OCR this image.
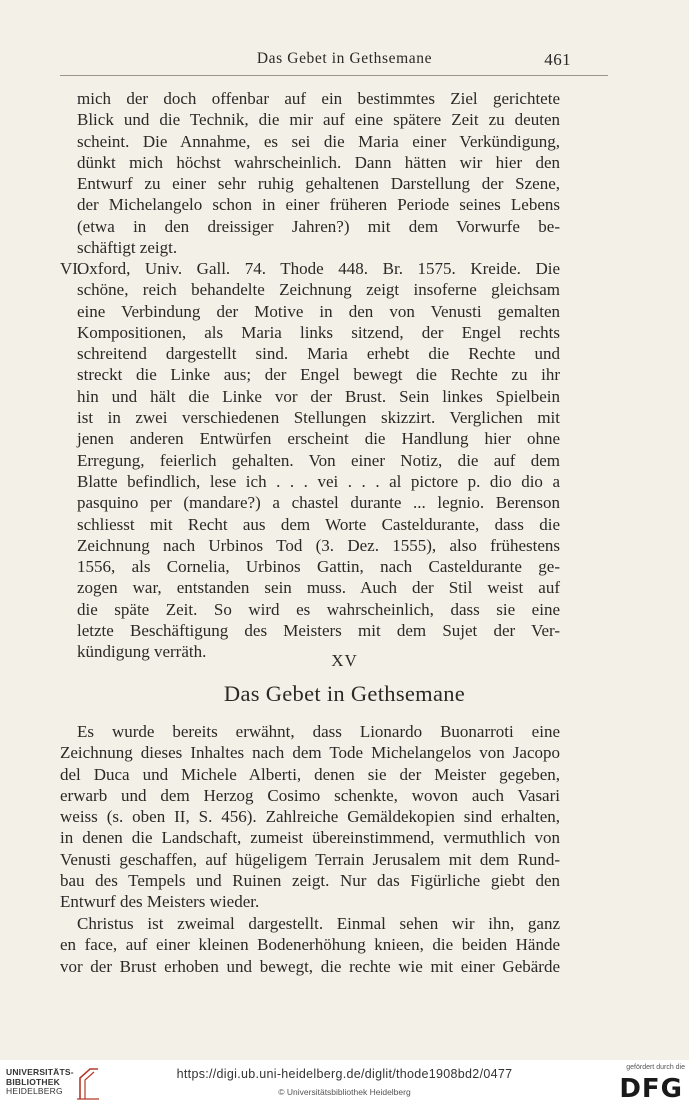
Das Gebet in Gethsemane	461
mich der doch offenbar auf ein bestimmtes Ziel gerichtete
Blick und die Technik, die mir auf eine spätere Zeit zu deuten
scheint. Die Annahme, es sei die Maria einer Verkündigung,
dünkt mich höchst wahrscheinlich. Dann hätten wir hier den
Entwurf zu einer sehr ruhig gehaltenen Darstellung der Szene,
der Michelangelo schon in einer früheren Periode seines Lebens
(etwa in den dreissiger Jahren?) mit dem Vorwurfe be-
schäftigt zeigt.
VI.
Oxford, Univ. Gall. 74. Thode 448. Br. 1575. Kreide. Die
schöne, reich behandelte Zeichnung zeigt insoferne gleichsam
eine Verbindung der Motive in den von Venusti gemalten
Kompositionen, als Maria links sitzend, der Engel rechts
schreitend dargestellt sind. Maria erhebt die Rechte und
streckt die Linke aus; der Engel bewegt die Rechte zu ihr
hin und hält die Linke vor der Brust. Sein linkes Spielbein
ist in zwei verschiedenen Stellungen skizzirt. Verglichen mit
jenen anderen Entwürfen erscheint die Handlung hier ohne
Erregung, feierlich gehalten. Von einer Notiz, die auf dem
Blatte befindlich, lese ich . . . vei . . . al pictore p. dio dio a
pasquino per (mandare?) a chastel durante ... legnio. Berenson
schliesst mit Recht aus dem Worte Casteldurante, dass die
Zeichnung nach Urbinos Tod (3. Dez. 1555), also frühestens
1556, als Cornelia, Urbinos Gattin, nach Casteldurante ge-
zogen war, entstanden sein muss. Auch der Stil weist auf
die späte Zeit. So wird es wahrscheinlich, dass sie eine
letzte Beschäftigung des Meisters mit dem Sujet der Ver-
kündigung verräth.	XV
Das Gebet in Gethsemane
Es wurde bereits erwähnt, dass Lionardo Buonarroti eine
Zeichnung dieses Inhaltes nach dem Tode Michelangelos von Jacopo
del Duca und Michele Alberti, denen sie der Meister gegeben,
erwarb und dem Herzog Cosimo schenkte, wovon auch Vasari
weiss (s. oben II, S. 456). Zahlreiche Gemäldekopien sind erhalten,
in denen die Landschaft, zumeist übereinstimmend, vermuthlich von
Venusti geschaffen, auf hügeligem Terrain Jerusalem mit dem Rund-
bau des Tempels und Ruinen zeigt. Nur das Figürliche giebt den
Entwurf des Meisters wieder.
Christus ist zweimal dargestellt. Einmal sehen wir ihn, ganz
en face, auf einer kleinen Bodenerhöhung knieen, die beiden Hände
vor der Brust erhoben und bewegt, die rechte wie mit einer Gebärde
UNIVERSITÄTS-
BIBLIOTHEK
HEIDELBERG
https://digi.ub.uni-heidelberg.de/diglit/thode1908bd2/0477
© Universitätsbibliothek Heidelberg
gefördert durch die
DFG
